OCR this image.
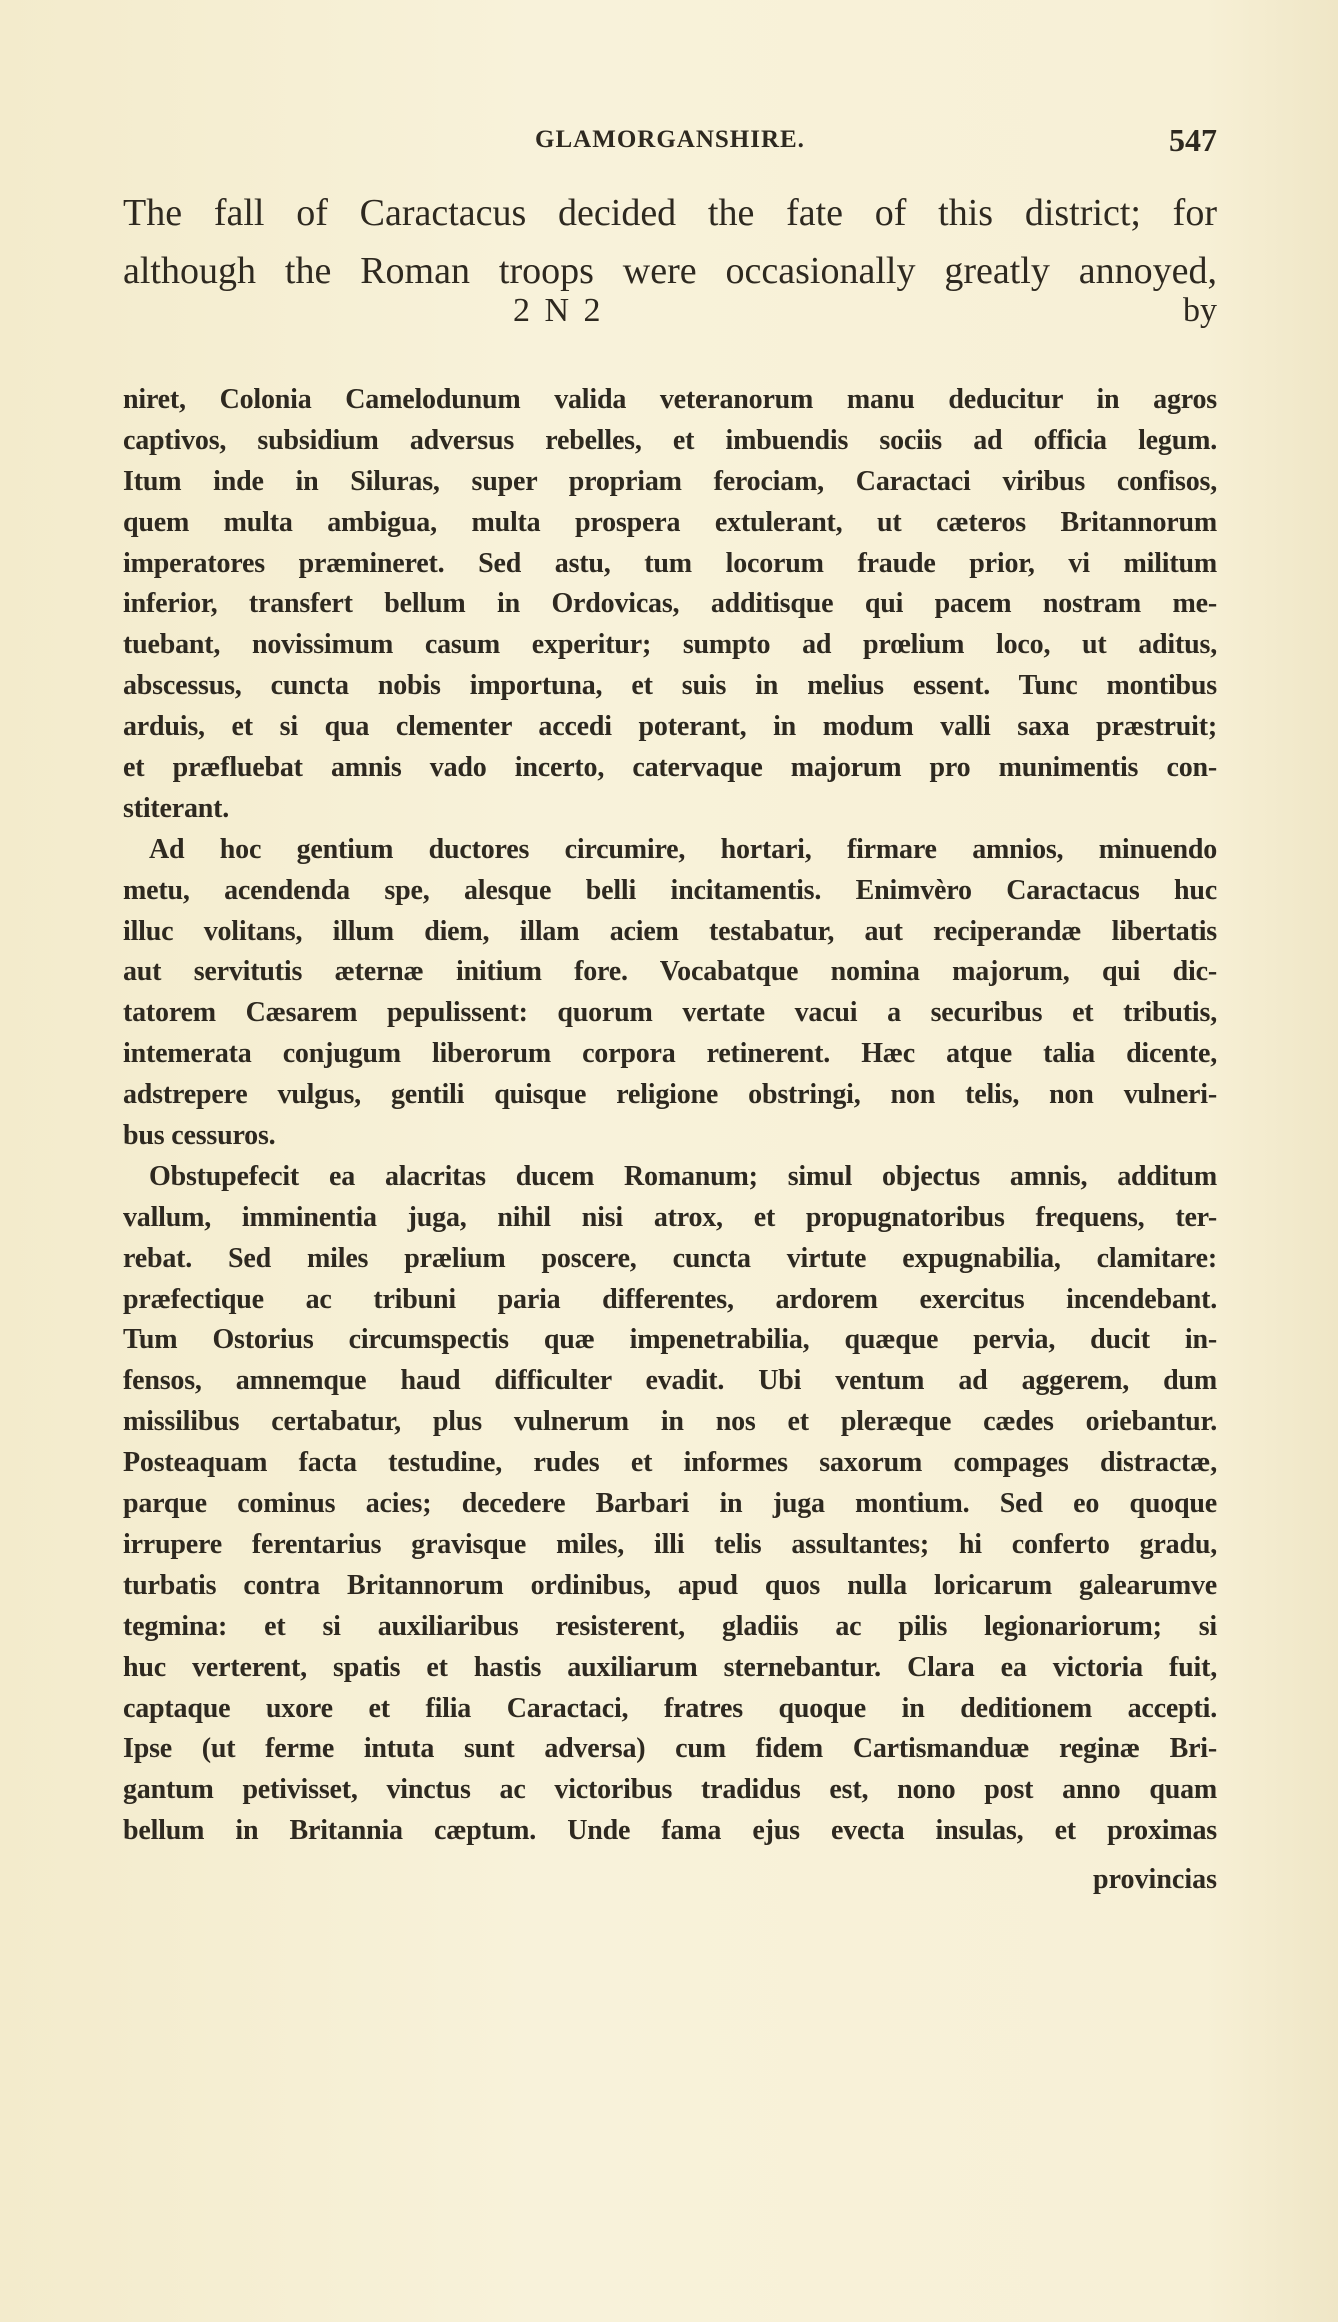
GLAMORGANSHIRE.	547
The fall of Caractacus decided the fate of this district; for
although the Roman troops were occasionally greatly annoyed,
2 N 2	by
niret, Colonia Camelodunum valida veteranorum manu deducitur in agros
captivos, subsidium adversus rebelles, et imbuendis sociis ad officia legum.
Itum inde in Siluras, super propriam ferociam, Caractaci viribus confisos,
quem multa ambigua, multa prospera extulerant, ut cæteros Britannorum
imperatores præmineret. Sed astu, tum locorum fraude prior, vi militum
inferior, transfert bellum in Ordovicas, additisque qui pacem nostram me-
tuebant, novissimum casum experitur; sumpto ad prœlium loco, ut aditus,
abscessus, cuncta nobis importuna, et suis in melius essent. Tunc montibus
arduis, et si qua clementer accedi poterant, in modum valli saxa præstruit;
et præfluebat amnis vado incerto, catervaque majorum pro munimentis con-
stiterant.
Ad hoc gentium ductores circumire, hortari, firmare amnios, minuendo
metu, acendenda spe, alesque belli incitamentis. Enimvèro Caractacus huc
illuc volitans, illum diem, illam aciem testabatur, aut reciperandæ libertatis
aut servitutis æternæ initium fore. Vocabatque nomina majorum, qui dic-
tatorem Cæsarem pepulissent: quorum vertate vacui a securibus et tributis,
intemerata conjugum liberorum corpora retinerent. Hæc atque talia dicente,
adstrepere vulgus, gentili quisque religione obstringi, non telis, non vulneri-
bus cessuros.
Obstupefecit ea alacritas ducem Romanum; simul objectus amnis, additum
vallum, imminentia juga, nihil nisi atrox, et propugnatoribus frequens, ter-
rebat. Sed miles prælium poscere, cuncta virtute expugnabilia, clamitare:
præfectique ac tribuni paria differentes, ardorem exercitus incendebant.
Tum Ostorius circumspectis quæ impenetrabilia, quæque pervia, ducit in-
fensos, amnemque haud difficulter evadit. Ubi ventum ad aggerem, dum
missilibus certabatur, plus vulnerum in nos et pleræque cædes oriebantur.
Posteaquam facta testudine, rudes et informes saxorum compages distractæ,
parque cominus acies; decedere Barbari in juga montium. Sed eo quoque
irrupere ferentarius gravisque miles, illi telis assultantes; hi conferto gradu,
turbatis contra Britannorum ordinibus, apud quos nulla loricarum galearumve
tegmina: et si auxiliaribus resisterent, gladiis ac pilis legionariorum; si
huc verterent, spatis et hastis auxiliarum sternebantur. Clara ea victoria fuit,
captaque uxore et filia Caractaci, fratres quoque in deditionem accepti.
Ipse (ut ferme intuta sunt adversa) cum fidem Cartismanduæ reginæ Bri-
gantum petivisset, vinctus ac victoribus tradidus est, nono post anno quam
bellum in Britannia cæptum. Unde fama ejus evecta insulas, et proximas
provincias
